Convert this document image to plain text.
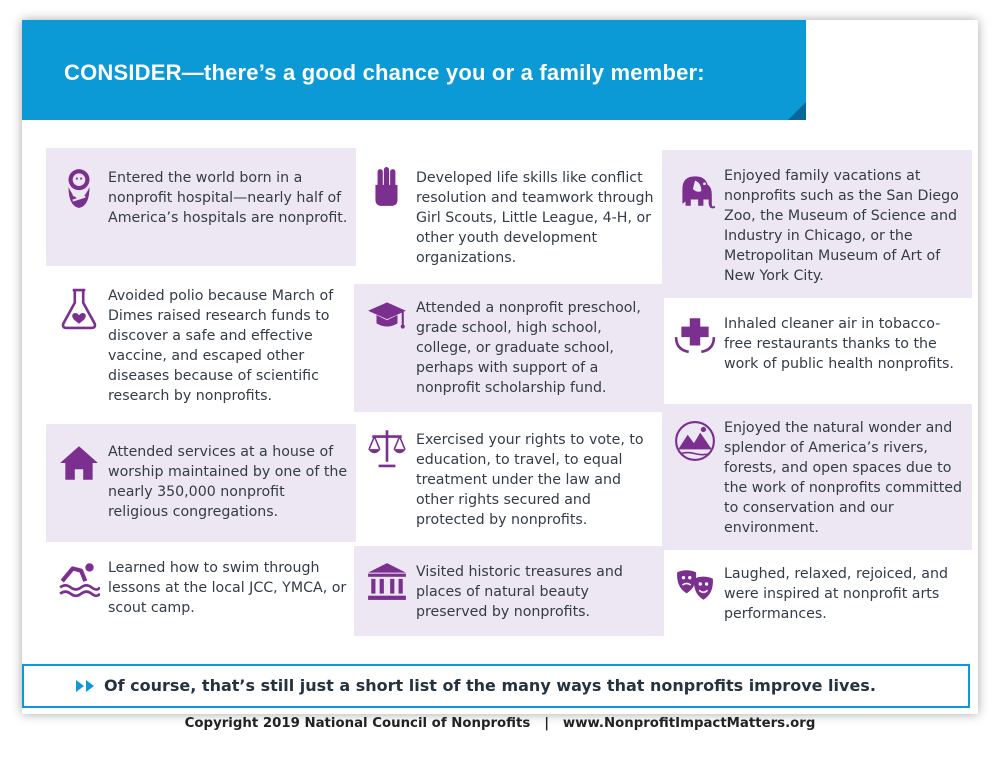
CONSIDER—there’s a good chance you or a family member:
Entered the world born in a nonprofit hospital—nearly half of America’s hospitals are nonprofit.
Avoided polio because March of Dimes raised research funds to discover a safe and effective vaccine, and escaped other diseases because of scientific research by nonprofits.
Attended services at a house of worship maintained by one of the nearly 350,000 nonprofit religious congregations.
Learned how to swim through lessons at the local JCC, YMCA, or scout camp.
Developed life skills like conflict resolution and teamwork through Girl Scouts, Little League, 4-H, or other youth development organizations.
Attended a nonprofit preschool, grade school, high school, college, or graduate school, perhaps with support of a nonprofit scholarship fund.
Exercised your rights to vote, to education, to travel, to equal treatment under the law and other rights secured and protected by nonprofits.
Visited historic treasures and places of natural beauty preserved by nonprofits.
Enjoyed family vacations at nonprofits such as the San Diego Zoo, the Museum of Science and Industry in Chicago, or the Metropolitan Museum of Art of New York City.
Inhaled cleaner air in tobacco-free restaurants thanks to the work of public health nonprofits.
Enjoyed the natural wonder and splendor of America’s rivers, forests, and open spaces due to the work of nonprofits committed to conservation and our environment.
Laughed, relaxed, rejoiced, and were inspired at nonprofit arts performances.
Of course, that’s still just a short list of the many ways that nonprofits improve lives.
Copyright 2019 National Council of Nonprofits   |   www.NonprofitImpactMatters.org
